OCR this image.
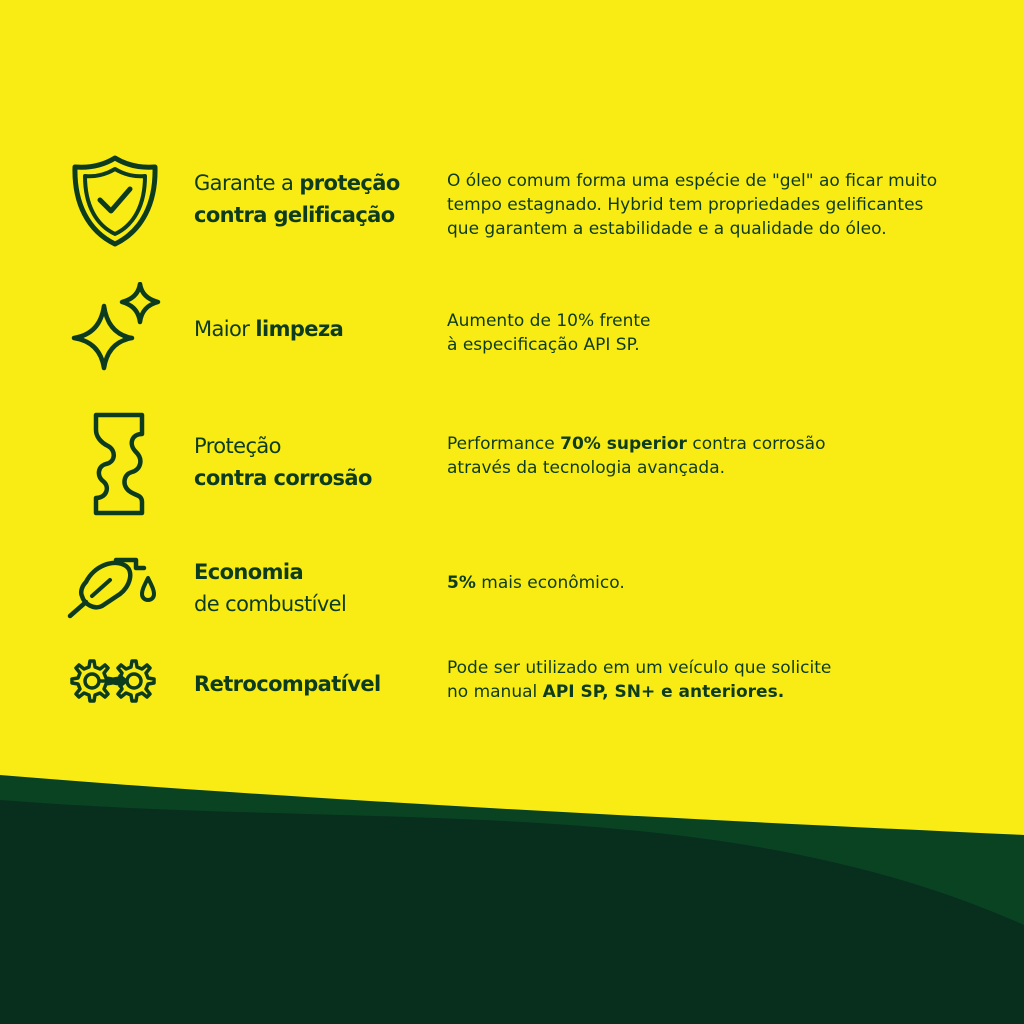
Garante a proteção
contra gelificação
O óleo comum forma uma espécie de "gel" ao ficar muito
tempo estagnado. Hybrid tem propriedades gelificantes
que garantem a estabilidade e a qualidade do óleo.
Maior limpeza	Aumento de 10% frente
à especificação API SP.
Proteção
contra corrosão
Performance 70% superior contra corrosão
através da tecnologia avançada.
Economia
de combustível
5% mais econômico.
Retrocompatível
Pode ser utilizado em um veículo que solicite
no manual API SP, SN+ e anteriores.
